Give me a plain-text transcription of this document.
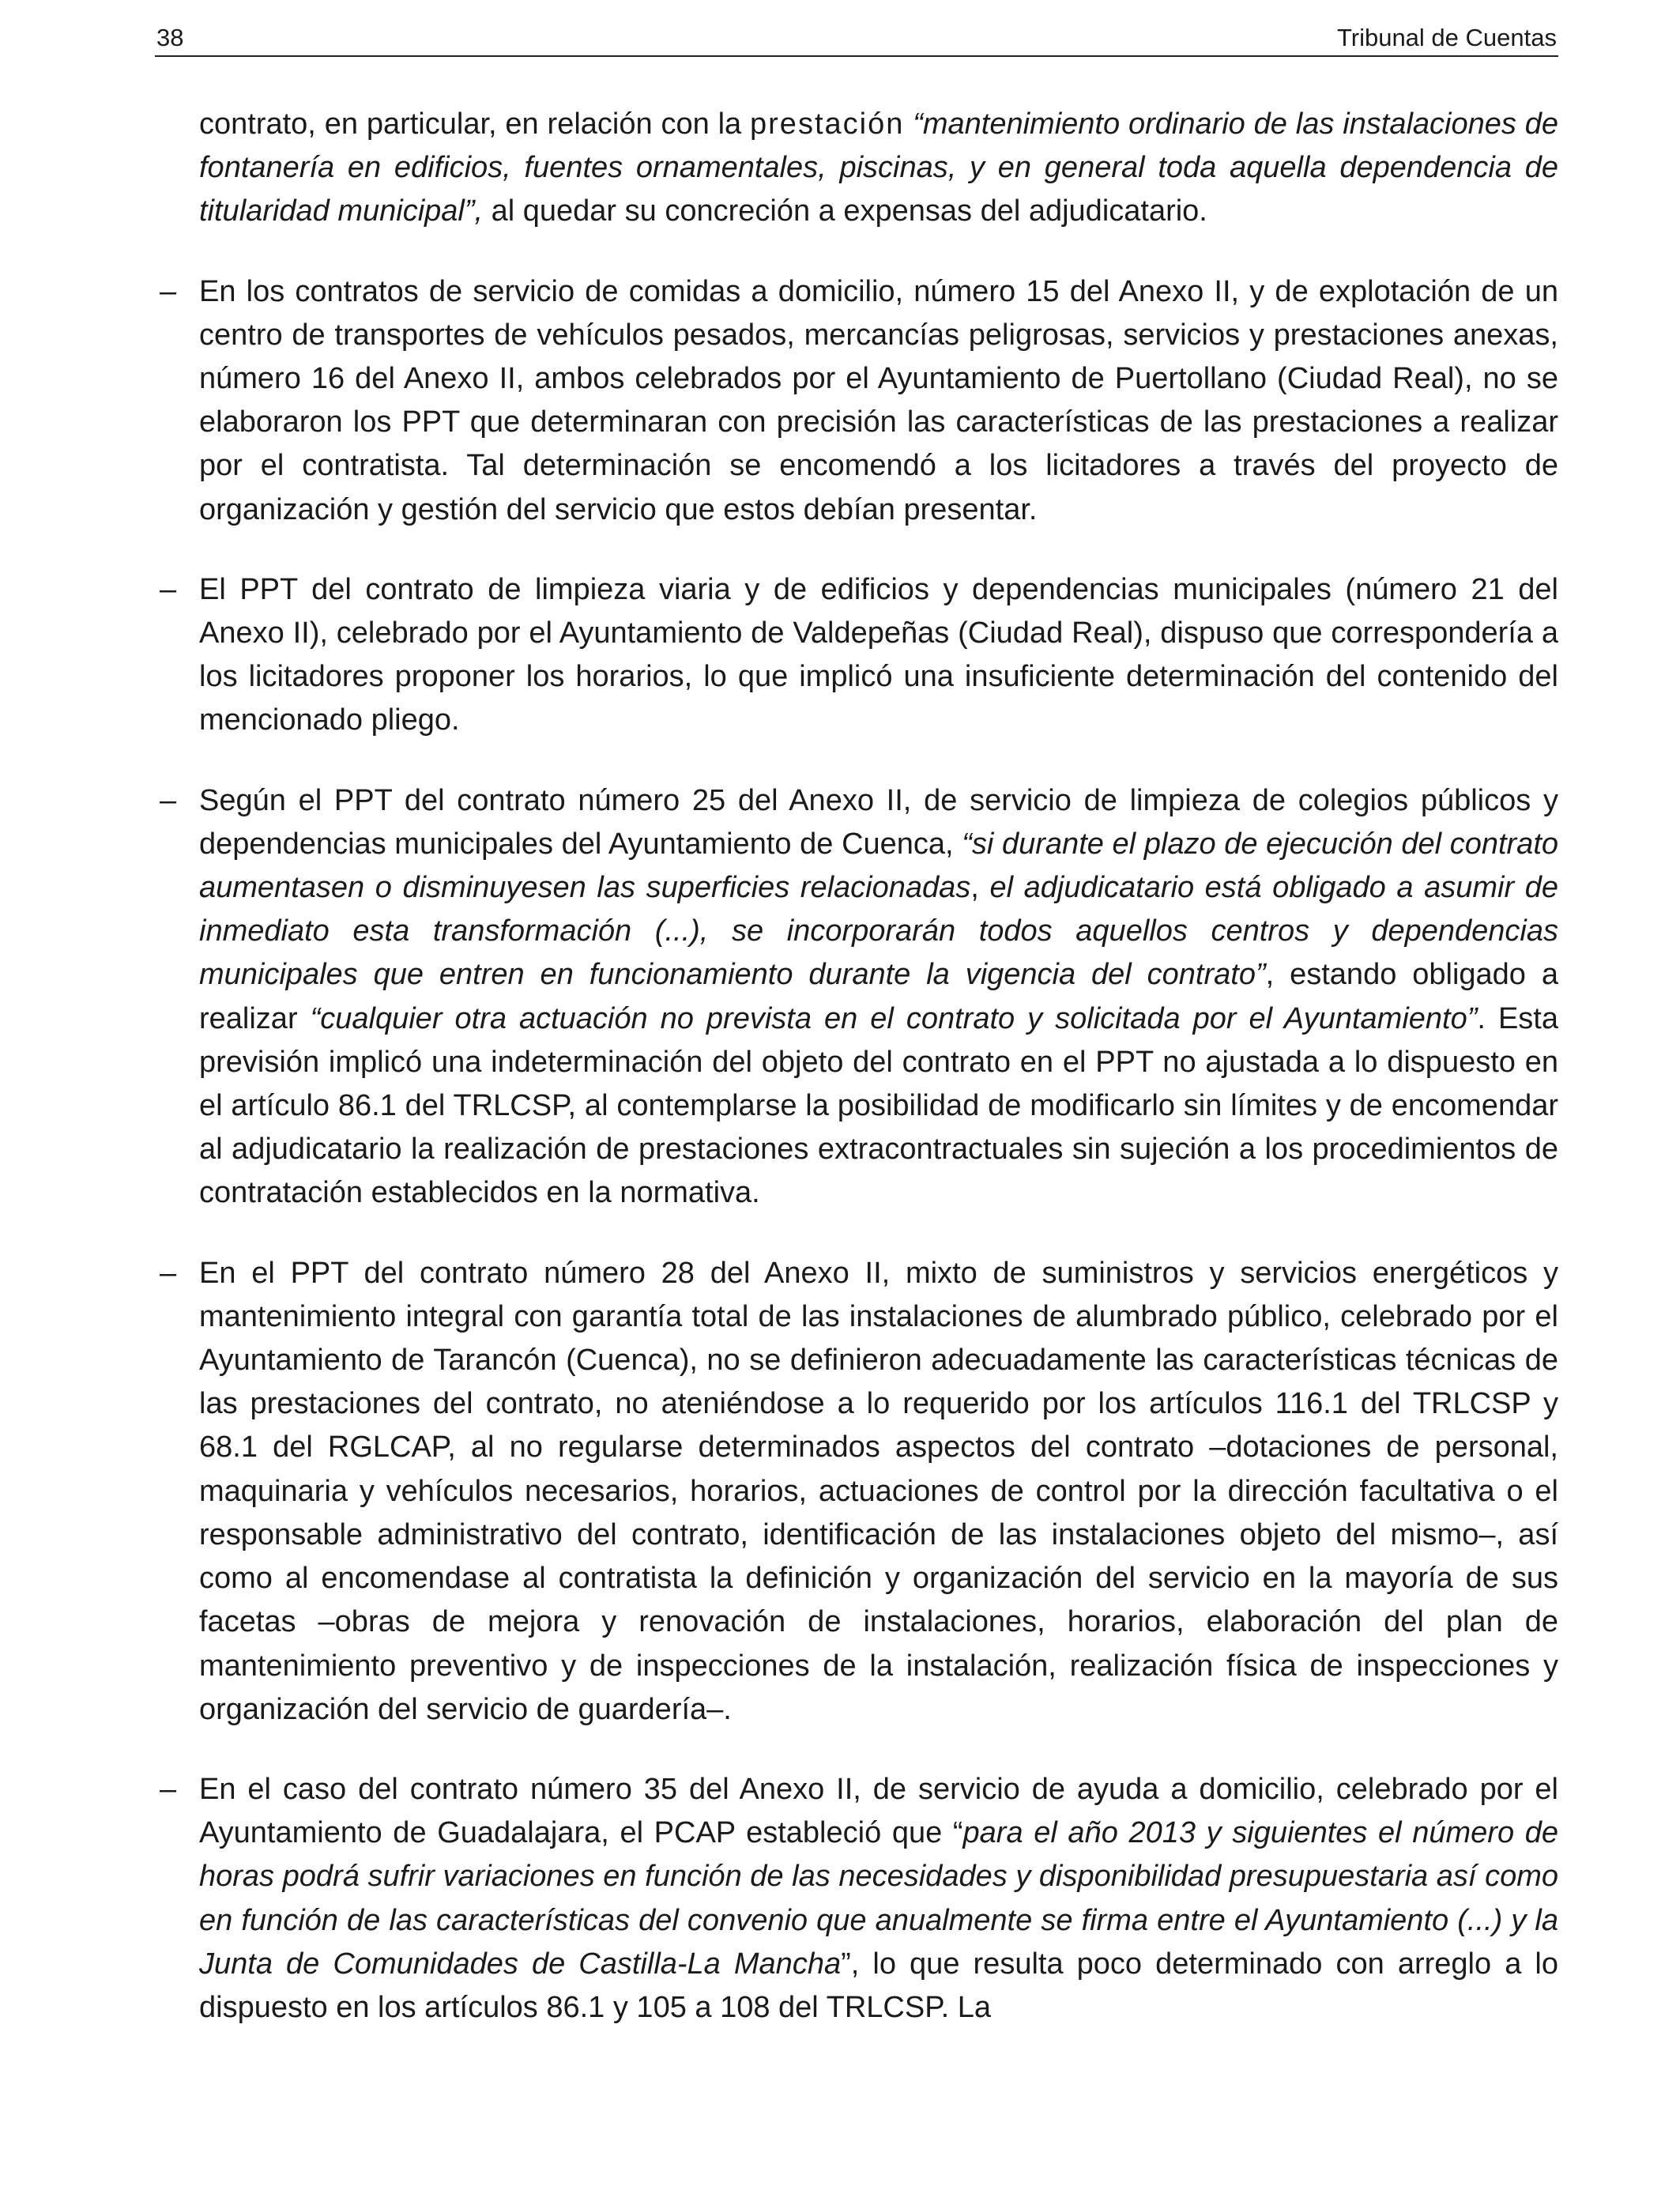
38	Tribunal de Cuentas

contrato, en particular, en relación con la prestación “mantenimiento ordinario de las instalaciones de fontanería en edificios, fuentes ornamentales, piscinas, y en general toda aquella dependencia de titularidad municipal”, al quedar su concreción a expensas del adjudicatario.

– En los contratos de servicio de comidas a domicilio, número 15 del Anexo II, y de explotación de un centro de transportes de vehículos pesados, mercancías peligrosas, servicios y prestaciones anexas, número 16 del Anexo II, ambos celebrados por el Ayuntamiento de Puertollano (Ciudad Real), no se elaboraron los PPT que determinaran con precisión las características de las prestaciones a realizar por el contratista. Tal determinación se encomendó a los licitadores a través del proyecto de organización y gestión del servicio que estos debían presentar.

– El PPT del contrato de limpieza viaria y de edificios y dependencias municipales (número 21 del Anexo II), celebrado por el Ayuntamiento de Valdepeñas (Ciudad Real), dispuso que correspondería a los licitadores proponer los horarios, lo que implicó una insuficiente determinación del contenido del mencionado pliego.

– Según el PPT del contrato número 25 del Anexo II, de servicio de limpieza de colegios públicos y dependencias municipales del Ayuntamiento de Cuenca, “si durante el plazo de ejecución del contrato aumentasen o disminuyesen las superficies relacionadas, el adjudicatario está obligado a asumir de inmediato esta transformación (...), se incorporarán todos aquellos centros y dependencias municipales que entren en funcionamiento durante la vigencia del contrato”, estando obligado a realizar “cualquier otra actuación no prevista en el contrato y solicitada por el Ayuntamiento”. Esta previsión implicó una indeterminación del objeto del contrato en el PPT no ajustada a lo dispuesto en el artículo 86.1 del TRLCSP, al contemplarse la posibilidad de modificarlo sin límites y de encomendar al adjudicatario la realización de prestaciones extracontractuales sin sujeción a los procedimientos de contratación establecidos en la normativa.

– En el PPT del contrato número 28 del Anexo II, mixto de suministros y servicios energéticos y mantenimiento integral con garantía total de las instalaciones de alumbrado público, celebrado por el Ayuntamiento de Tarancón (Cuenca), no se definieron adecuadamente las características técnicas de las prestaciones del contrato, no ateniéndose a lo requerido por los artículos 116.1 del TRLCSP y 68.1 del RGLCAP, al no regularse determinados aspectos del contrato –dotaciones de personal, maquinaria y vehículos necesarios, horarios, actuaciones de control por la dirección facultativa o el responsable administrativo del contrato, identificación de las instalaciones objeto del mismo–, así como al encomendase al contratista la definición y organización del servicio en la mayoría de sus facetas –obras de mejora y renovación de instalaciones, horarios, elaboración del plan de mantenimiento preventivo y de inspecciones de la instalación, realización física de inspecciones y organización del servicio de guardería–.

– En el caso del contrato número 35 del Anexo II, de servicio de ayuda a domicilio, celebrado por el Ayuntamiento de Guadalajara, el PCAP estableció que “para el año 2013 y siguientes el número de horas podrá sufrir variaciones en función de las necesidades y disponibilidad presupuestaria así como en función de las características del convenio que anualmente se firma entre el Ayuntamiento (...) y la Junta de Comunidades de Castilla-La Mancha”, lo que resulta poco determinado con arreglo a lo dispuesto en los artículos 86.1 y 105 a 108 del TRLCSP. La
